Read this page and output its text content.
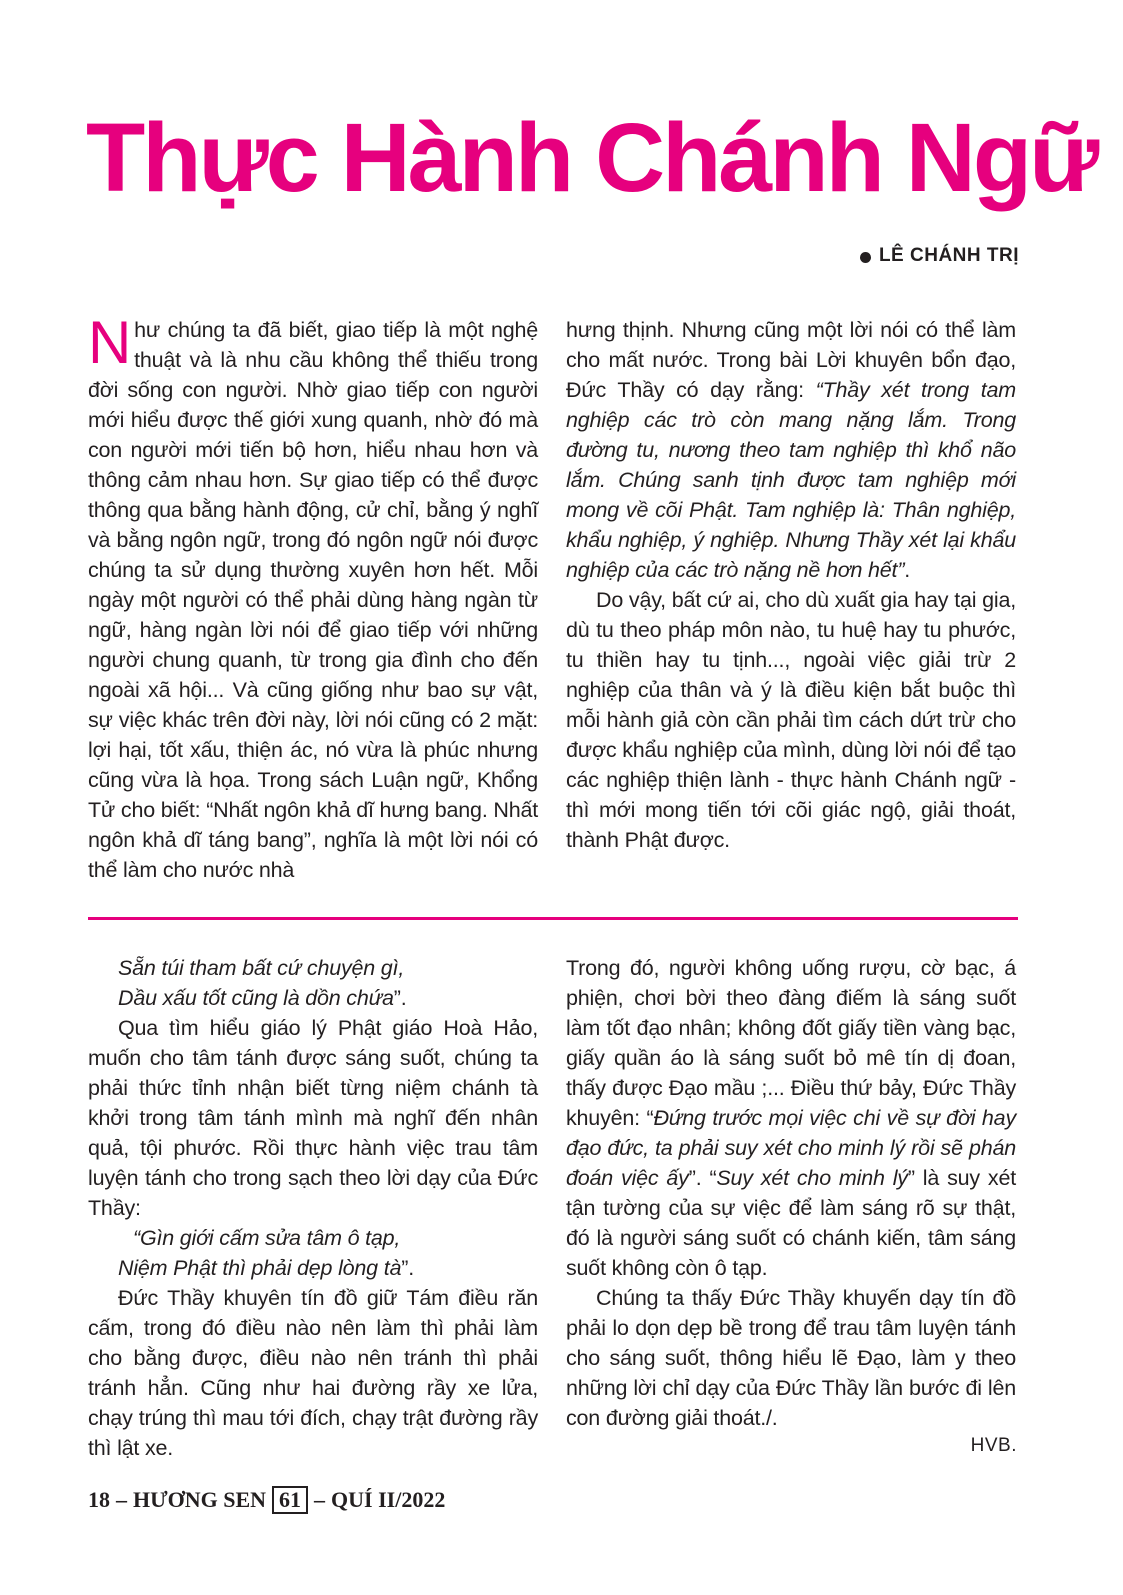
Thực Hành Chánh Ngữ
LÊ CHÁNH TRỊ

Như chúng ta đã biết, giao tiếp là một nghệ thuật và là nhu cầu không thể thiếu trong đời sống con người. Nhờ giao tiếp con người mới hiểu được thế giới xung quanh, nhờ đó mà con người mới tiến bộ hơn, hiểu nhau hơn và thông cảm nhau hơn. Sự giao tiếp có thể được thông qua bằng hành động, cử chỉ, bằng ý nghĩ và bằng ngôn ngữ, trong đó ngôn ngữ nói được chúng ta sử dụng thường xuyên hơn hết. Mỗi ngày một người có thể phải dùng hàng ngàn từ ngữ, hàng ngàn lời nói để giao tiếp với những người chung quanh, từ trong gia đình cho đến ngoài xã hội... Và cũng giống như bao sự vật, sự việc khác trên đời này, lời nói cũng có 2 mặt: lợi hại, tốt xấu, thiện ác, nó vừa là phúc nhưng cũng vừa là họa. Trong sách Luận ngữ, Khổng Tử cho biết: “Nhất ngôn khả dĩ hưng bang. Nhất ngôn khả dĩ táng bang”, nghĩa là một lời nói có thể làm cho nước nhà

hưng thịnh. Nhưng cũng một lời nói có thể làm cho mất nước. Trong bài Lời khuyên bổn đạo, Đức Thầy có dạy rằng: “Thầy xét trong tam nghiệp các trò còn mang nặng lắm. Trong đường tu, nương theo tam nghiệp thì khổ não lắm. Chúng sanh tịnh được tam nghiệp mới mong về cõi Phật. Tam nghiệp là: Thân nghiệp, khẩu nghiệp, ý nghiệp. Nhưng Thầy xét lại khẩu nghiệp của các trò nặng nề hơn hết”.

Do vậy, bất cứ ai, cho dù xuất gia hay tại gia, dù tu theo pháp môn nào, tu huệ hay tu phước, tu thiền hay tu tịnh..., ngoài việc giải trừ 2 nghiệp của thân và ý là điều kiện bắt buộc thì mỗi hành giả còn cần phải tìm cách dứt trừ cho được khẩu nghiệp của mình, dùng lời nói để tạo các nghiệp thiện lành - thực hành Chánh ngữ - thì mới mong tiến tới cõi giác ngộ, giải thoát, thành Phật được.

Sẵn túi tham bất cứ chuyện gì,
Dầu xấu tốt cũng là dồn chứa”.

Qua tìm hiểu giáo lý Phật giáo Hoà Hảo, muốn cho tâm tánh được sáng suốt, chúng ta phải thức tỉnh nhận biết từng niệm chánh tà khởi trong tâm tánh mình mà nghĩ đến nhân quả, tội phước. Rồi thực hành việc trau tâm luyện tánh cho trong sạch theo lời dạy của Đức Thầy:

“Gìn giới cấm sửa tâm ô tạp,
Niệm Phật thì phải dẹp lòng tà”.

Đức Thầy khuyên tín đồ giữ Tám điều răn cấm, trong đó điều nào nên làm thì phải làm cho bằng được, điều nào nên tránh thì phải tránh hẳn. Cũng như hai đường rầy xe lửa, chạy trúng thì mau tới đích, chạy trật đường rầy thì lật xe.

Trong đó, người không uống rượu, cờ bạc, á phiện, chơi bời theo đàng điếm là sáng suốt làm tốt đạo nhân; không đốt giấy tiền vàng bạc, giấy quần áo là sáng suốt bỏ mê tín dị đoan, thấy được Đạo mầu ;... Điều thứ bảy, Đức Thầy khuyên: “Đứng trước mọi việc chi về sự đời hay đạo đức, ta phải suy xét cho minh lý rồi sẽ phán đoán việc ấy”. “Suy xét cho minh lý” là suy xét tận tường của sự việc để làm sáng rõ sự thật, đó là người sáng suốt có chánh kiến, tâm sáng suốt không còn ô tạp.

Chúng ta thấy Đức Thầy khuyến dạy tín đồ phải lo dọn dẹp bề trong để trau tâm luyện tánh cho sáng suốt, thông hiểu lẽ Đạo, làm y theo những lời chỉ dạy của Đức Thầy lần bước đi lên con đường giải thoát./.

HVB.
18 – HƯƠNG SEN 61 – QUÍ II/2022
